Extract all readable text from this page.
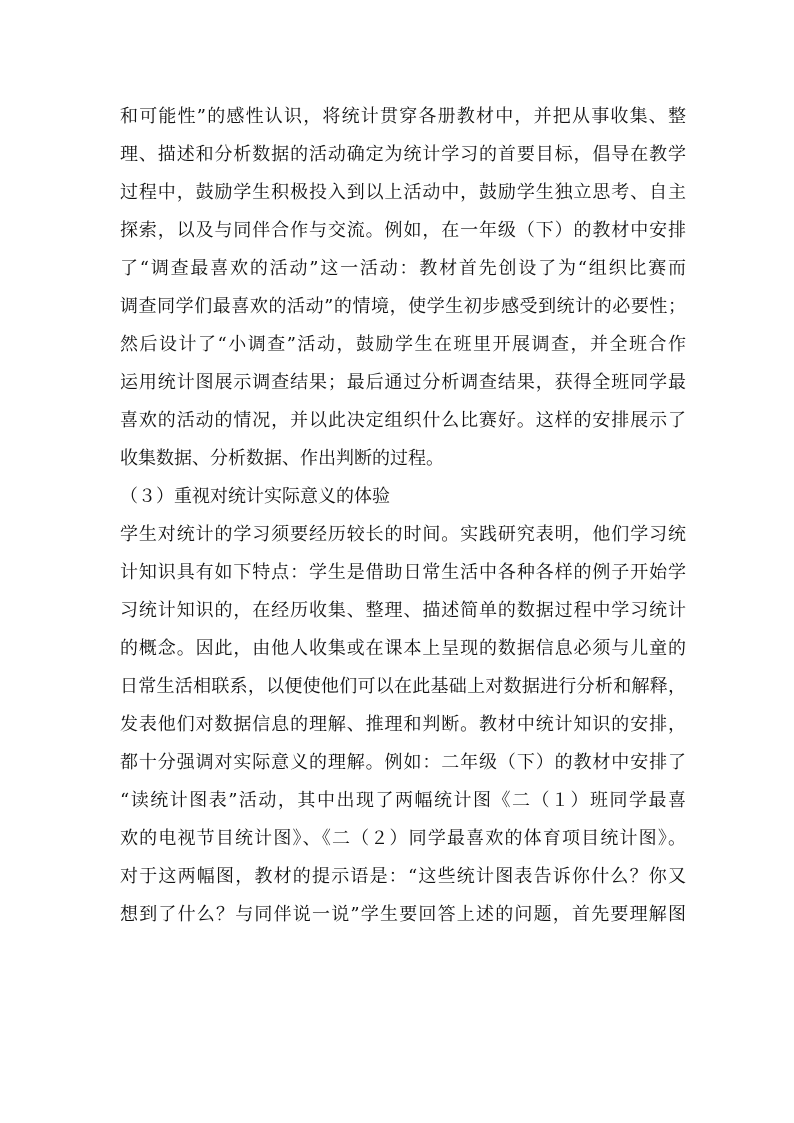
和可能性”的感性认识，将统计贯穿各册教材中，并把从事收集、整
理、描述和分析数据的活动确定为统计学习的首要目标，倡导在教学
过程中，鼓励学生积极投入到以上活动中，鼓励学生独立思考、自主
探索，以及与同伴合作与交流。例如，在一年级（下）的教材中安排
了“调查最喜欢的活动”这一活动：教材首先创设了为“组织比赛而
调查同学们最喜欢的活动”的情境，使学生初步感受到统计的必要性；
然后设计了“小调查”活动，鼓励学生在班里开展调查，并全班合作
运用统计图展示调查结果；最后通过分析调查结果，获得全班同学最
喜欢的活动的情况，并以此决定组织什么比赛好。这样的安排展示了
收集数据、分析数据、作出判断的过程。
（３）重视对统计实际意义的体验
学生对统计的学习须要经历较长的时间。实践研究表明，他们学习统
计知识具有如下特点：学生是借助日常生活中各种各样的例子开始学
习统计知识的，在经历收集、整理、描述简单的数据过程中学习统计
的概念。因此，由他人收集或在课本上呈现的数据信息必须与儿童的
日常生活相联系，以便使他们可以在此基础上对数据进行分析和解释，
发表他们对数据信息的理解、推理和判断。教材中统计知识的安排，
都十分强调对实际意义的理解。例如：二年级（下）的教材中安排了
“读统计图表”活动，其中出现了两幅统计图《二（１）班同学最喜
欢的电视节目统计图》、《二（２）同学最喜欢的体育项目统计图》。
对于这两幅图，教材的提示语是：“这些统计图表告诉你什么？你又
想到了什么？与同伴说一说”学生要回答上述的问题，首先要理解图
